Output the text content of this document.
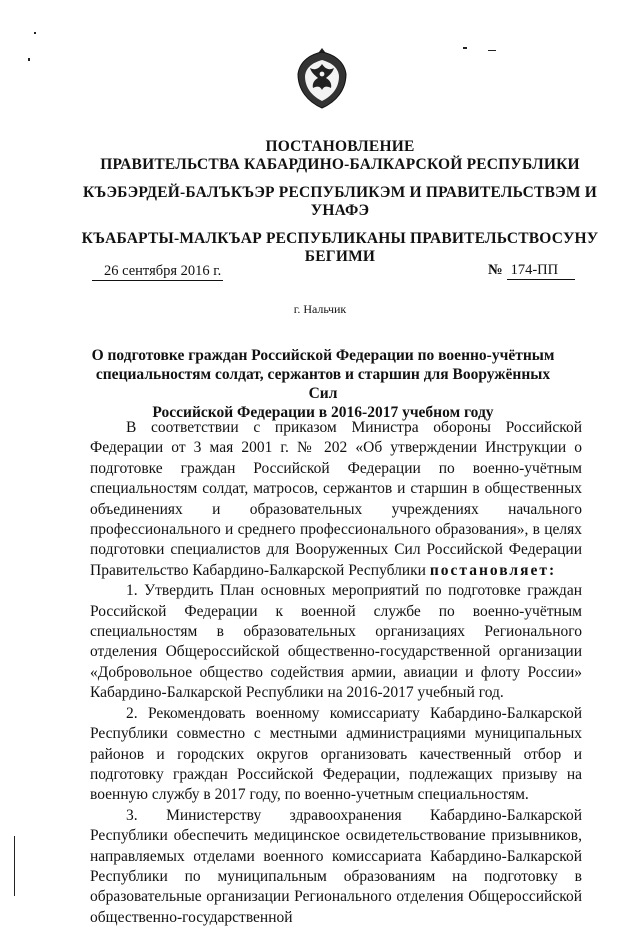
ПОСТАНОВЛЕНИЕ
ПРАВИТЕЛЬСТВА КАБАРДИНО-БАЛКАРСКОЙ РЕСПУБЛИКИ
КЪЭБЭРДЕЙ-БАЛЪКЪЭР РЕСПУБЛИКЭМ И ПРАВИТЕЛЬСТВЭМ И
УНАФЭ
КЪАБАРТЫ-МАЛКЪАР РЕСПУБЛИКАНЫ ПРАВИТЕЛЬСТВОСУНУ
БЕГИМИ
26 сентября 2016 г.	№ 174-ПП
г. Нальчик
О подготовке граждан Российской Федерации по военно-учётным
специальностям солдат, сержантов и старшин для Вооружённых Сил
Российской Федерации в 2016-2017 учебном году

В соответствии с приказом Министра обороны Российской Федерации от 3 мая 2001 г. № 202 «Об утверждении Инструкции о подготовке граждан Российской Федерации по военно-учётным специальностям солдат, матросов, сержантов и старшин в общественных объединениях и образовательных учреждениях начального профессионального и среднего профессионального образования», в целях подготовки специалистов для Вооруженных Сил Российской Федерации Правительство Кабардино-Балкарской Республики постановляет:

1. Утвердить План основных мероприятий по подготовке граждан Российской Федерации к военной службе по военно-учётным специальностям в образовательных организациях Регионального отделения Общероссийской общественно-государственной организации «Добровольное общество содействия армии, авиации и флоту России» Кабардино-Балкарской Республики на 2016-2017 учебный год.

2. Рекомендовать военному комиссариату Кабардино-Балкарской Республики совместно с местными администрациями муниципальных районов и городских округов организовать качественный отбор и подготовку граждан Российской Федерации, подлежащих призыву на военную службу в 2017 году, по военно-учетным специальностям.

3. Министерству здравоохранения Кабардино-Балкарской Республики обеспечить медицинское освидетельствование призывников, направляемых отделами военного комиссариата Кабардино-Балкарской Республики по муниципальным образованиям на подготовку в образовательные организации Регионального отделения Общероссийской общественно-государственной
